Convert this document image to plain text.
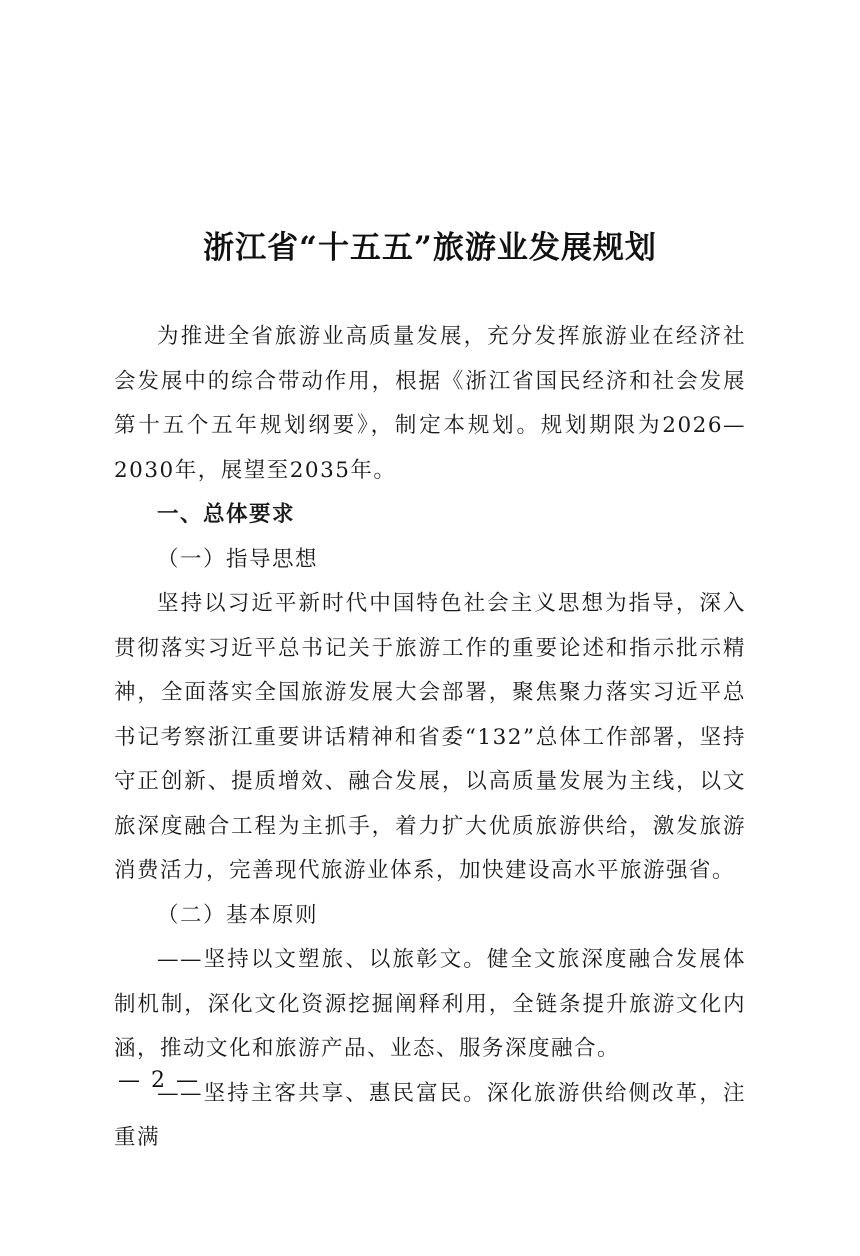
浙江省“十五五”旅游业发展规划

为推进全省旅游业高质量发展，充分发挥旅游业在经济社会发展中的综合带动作用，根据《浙江省国民经济和社会发展第十五个五年规划纲要》，制定本规划。规划期限为2026—2030年，展望至2035年。

一、总体要求

（一）指导思想

坚持以习近平新时代中国特色社会主义思想为指导，深入贯彻落实习近平总书记关于旅游工作的重要论述和指示批示精神，全面落实全国旅游发展大会部署，聚焦聚力落实习近平总书记考察浙江重要讲话精神和省委“132”总体工作部署，坚持守正创新、提质增效、融合发展，以高质量发展为主线，以文旅深度融合工程为主抓手，着力扩大优质旅游供给，激发旅游消费活力，完善现代旅游业体系，加快建设高水平旅游强省。

（二）基本原则

——坚持以文塑旅、以旅彰文。健全文旅深度融合发展体制机制，深化文化资源挖掘阐释利用，全链条提升旅游文化内涵，推动文化和旅游产品、业态、服务深度融合。

——坚持主客共享、惠民富民。深化旅游供给侧改革，注重满

— 2 —
